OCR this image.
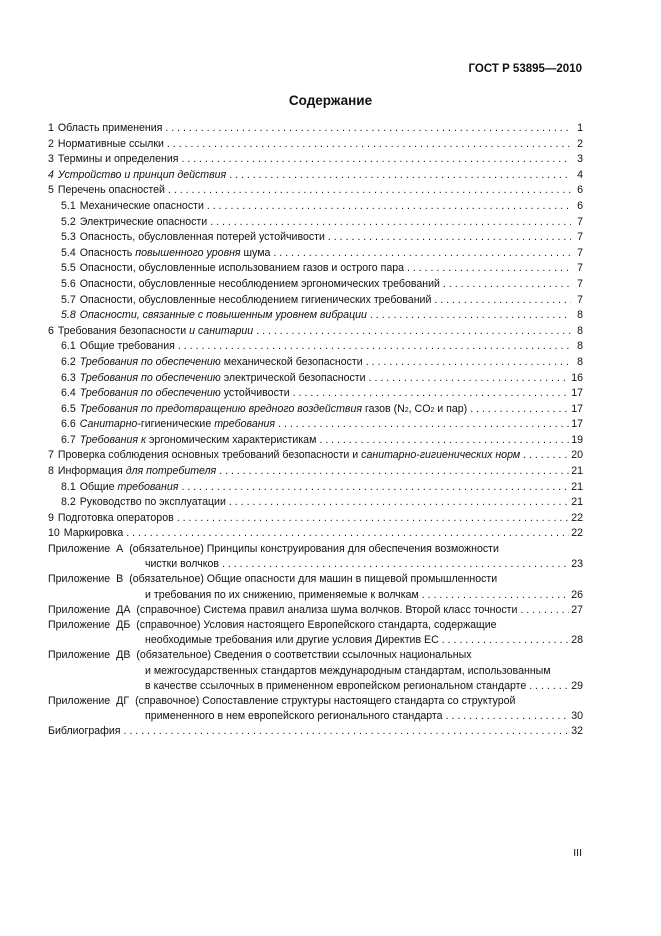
ГОСТ Р 53895—2010
Содержание
1 Область применения . . .	1
2 Нормативные ссылки . . .	2
3 Термины и определения . . .	3
4 Устройство и принцип действия . . .	4
5 Перечень опасностей . . .	6
5.1 Механические опасности . . .	6
5.2 Электрические опасности . . .	7
5.3 Опасность, обусловленная потерей устойчивости . . .	7
5.4 Опасность повышенного уровня шума . . .	7
5.5 Опасности, обусловленные использованием газов и острого пара . . .	7
5.6 Опасности, обусловленные несоблюдением эргономических требований . . .	7
5.7 Опасности, обусловленные несоблюдением гигиенических требований . . .	7
5.8 Опасности, связанные с повышенным уровнем вибрации . . .	8
6 Требования безопасности и санитарии . . .	8
6.1 Общие требования . . .	8
6.2 Требования по обеспечению механической безопасности . . .	8
6.3 Требования по обеспечению электрической безопасности . . .	16
6.4 Требования по обеспечению устойчивости . . .	17
6.5 Требования по предотвращению вредного воздействия газов (N 2 , CO 2 и пар) . . .	17
6.6 Санитарно -гигиенические требования . . .	17
6.7 Требования к эргономическим характеристикам . . .	19
7 Проверка соблюдения основных требований безопасности и санитарно-гигиенических норм . . .	20
8 Информация для потребителя . . .	21
8.1 Общие требования . . .	21
8.2 Руководство по эксплуатации . . .	21
9 Подготовка операторов . . .	22
10 Маркировка . . .	22
Приложение А (обязательное) Принципы конструирования для обеспечения возможности
чистки волчков . . .	23
Приложение В (обязательное) Общие опасности для машин в пищевой промышленности
и требования по их снижению, применяемые к волчкам . . .	26
Приложение ДА (справочное) Система правил анализа шума волчков. Второй класс точности . . .	27
Приложение ДБ (справочное) Условия настоящего Европейского стандарта, содержащие
необходимые требования или другие условия Директив ЕС . . .	28
Приложение ДВ (обязательное) Сведения о соответствии ссылочных национальных
и межгосударственных стандартов международным стандартам, использованным
в качестве ссылочных в примененном европейском региональном стандарте . . .	29
Приложение ДГ (справочное) Сопоставление структуры настоящего стандарта со структурой
примененного в нем европейского регионального стандарта . . .	30
Библиография . . .	32
III
